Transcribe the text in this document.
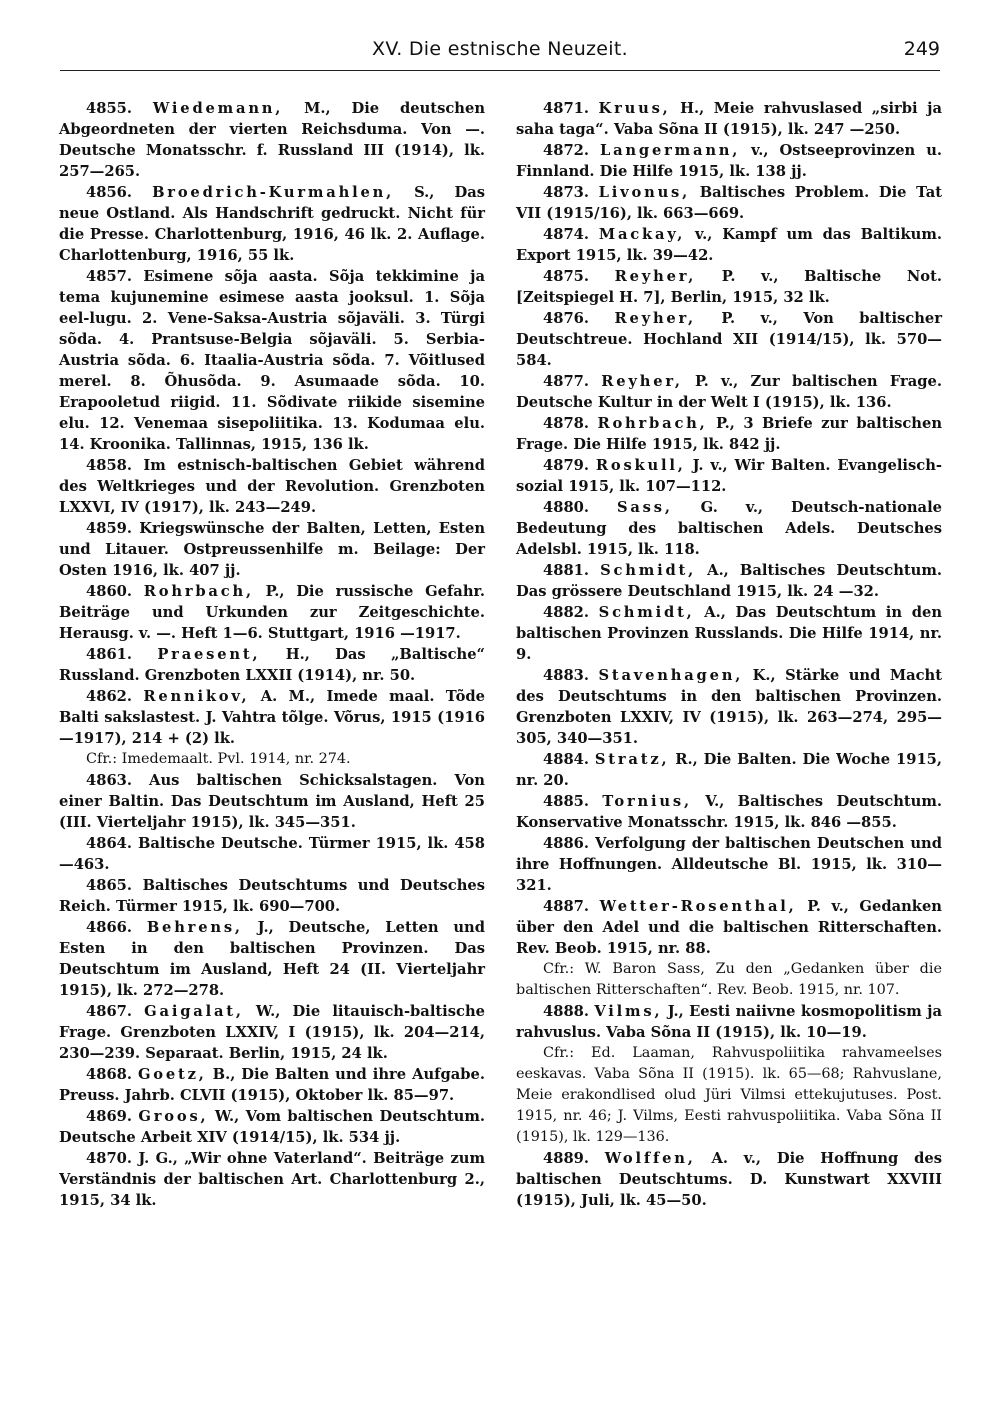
XV. Die estnische Neuzeit.	249

4855. Wiedemann, M., Die deutschen Abgeordneten der vierten Reichsduma. Von —. Deutsche Monatsschr. f. Russland III (1914), lk. 257—265.

4856. Broedrich-Kurmahlen, S., Das neue Ostland. Als Handschrift gedruckt. Nicht für die Presse. Charlottenburg, 1916, 46 lk. 2. Auflage. Charlottenburg, 1916, 55 lk.

4857. Esimene sõja aasta. Sõja tekkimine ja tema kujunemine esimese aasta jooksul. 1. Sõja eel-lugu. 2. Vene-Saksa-Austria sõjaväli. 3. Türgi sõda. 4. Prantsuse-Belgia sõjaväli. 5. Serbia-Austria sõda. 6. Itaalia-Austria sõda. 7. Võitlused merel. 8. Õhusõda. 9. Asumaade sõda. 10. Erapooletud riigid. 11. Sõdivate riikide sisemine elu. 12. Venemaa sisepoliitika. 13. Kodumaa elu. 14. Kroonika. Tallinnas, 1915, 136 lk.

4858. Im estnisch-baltischen Gebiet während des Weltkrieges und der Revolution. Grenzboten LXXVI, IV (1917), lk. 243—249.

4859. Kriegswünsche der Balten, Letten, Esten und Litauer. Ostpreussenhilfe m. Beilage: Der Osten 1916, lk. 407 jj.

4860. Rohrbach, P., Die russische Gefahr. Beiträge und Urkunden zur Zeitgeschichte. Herausg. v. —. Heft 1—6. Stuttgart, 1916 —1917.

4861. Praesent, H., Das „Baltische“ Russland. Grenzboten LXXII (1914), nr. 50.

4862. Rennikov, A. M., Imede maal. Tõde Balti sakslastest. J. Vahtra tõlge. Võrus, 1915 (1916—1917), 214 + (2) lk.

Cfr.: Imedemaalt. Pvl. 1914, nr. 274.

4863. Aus baltischen Schicksalstagen. Von einer Baltin. Das Deutschtum im Ausland, Heft 25 (III. Vierteljahr 1915), lk. 345—351.

4864. Baltische Deutsche. Türmer 1915, lk. 458—463.

4865. Baltisches Deutschtums und Deutsches Reich. Türmer 1915, lk. 690—700.

4866. Behrens, J., Deutsche, Letten und Esten in den baltischen Provinzen. Das Deutschtum im Ausland, Heft 24 (II. Vierteljahr 1915), lk. 272—278.

4867. Gaigalat, W., Die litauisch-baltische Frage. Grenzboten LXXIV, I (1915), lk. 204—214, 230—239. Separaat. Berlin, 1915, 24 lk.

4868. Goetz, B., Die Balten und ihre Aufgabe. Preuss. Jahrb. CLVII (1915), Oktober lk. 85—97.

4869. Groos, W., Vom baltischen Deutschtum. Deutsche Arbeit XIV (1914/15), lk. 534 jj.

4870. J. G., „Wir ohne Vaterland“. Beiträge zum Verständnis der baltischen Art. Charlottenburg 2., 1915, 34 lk.

4871. Kruus, H., Meie rahvuslased „sirbi ja saha taga“. Vaba Sõna II (1915), lk. 247 —250.

4872. Langermann, v., Ostseeprovinzen u. Finnland. Die Hilfe 1915, lk. 138 jj.

4873. Livonus, Baltisches Problem. Die Tat VII (1915/16), lk. 663—669.

4874. Mackay, v., Kampf um das Baltikum. Export 1915, lk. 39—42.

4875. Reyher, P. v., Baltische Not. [Zeitspiegel H. 7], Berlin, 1915, 32 lk.

4876. Reyher, P. v., Von baltischer Deutschtreue. Hochland XII (1914/15), lk. 570—584.

4877. Reyher, P. v., Zur baltischen Frage. Deutsche Kultur in der Welt I (1915), lk. 136.

4878. Rohrbach, P., 3 Briefe zur baltischen Frage. Die Hilfe 1915, lk. 842 jj.

4879. Roskull, J. v., Wir Balten. Evangelisch-sozial 1915, lk. 107—112.

4880. Sass, G. v., Deutsch-nationale Bedeutung des baltischen Adels. Deutsches Adelsbl. 1915, lk. 118.

4881. Schmidt, A., Baltisches Deutschtum. Das grössere Deutschland 1915, lk. 24 —32.

4882. Schmidt, A., Das Deutschtum in den baltischen Provinzen Russlands. Die Hilfe 1914, nr. 9.

4883. Stavenhagen, K., Stärke und Macht des Deutschtums in den baltischen Provinzen. Grenzboten LXXIV, IV (1915), lk. 263—274, 295—305, 340—351.

4884. Stratz, R., Die Balten. Die Woche 1915, nr. 20.

4885. Tornius, V., Baltisches Deutschtum. Konservative Monatsschr. 1915, lk. 846 —855.

4886. Verfolgung der baltischen Deutschen und ihre Hoffnungen. Alldeutsche Bl. 1915, lk. 310—321.

4887. Wetter-Rosenthal, P. v., Gedanken über den Adel und die baltischen Ritterschaften. Rev. Beob. 1915, nr. 88.

Cfr.: W. Baron Sass, Zu den „Gedanken über die baltischen Ritterschaften“. Rev. Beob. 1915, nr. 107.

4888. Vilms, J., Eesti naiivne kosmopolitism ja rahvuslus. Vaba Sõna II (1915), lk. 10—19.

Cfr.: Ed. Laaman, Rahvuspoliitika rahvameelses eeskavas. Vaba Sõna II (1915). lk. 65—68; Rahvuslane, Meie erakondlised olud Jüri Vilmsi ettekujutuses. Post. 1915, nr. 46; J. Vilms, Eesti rahvuspoliitika. Vaba Sõna II (1915), lk. 129—136.

4889. Wolffen, A. v., Die Hoffnung des baltischen Deutschtums. D. Kunstwart XXVIII (1915), Juli, lk. 45—50.
